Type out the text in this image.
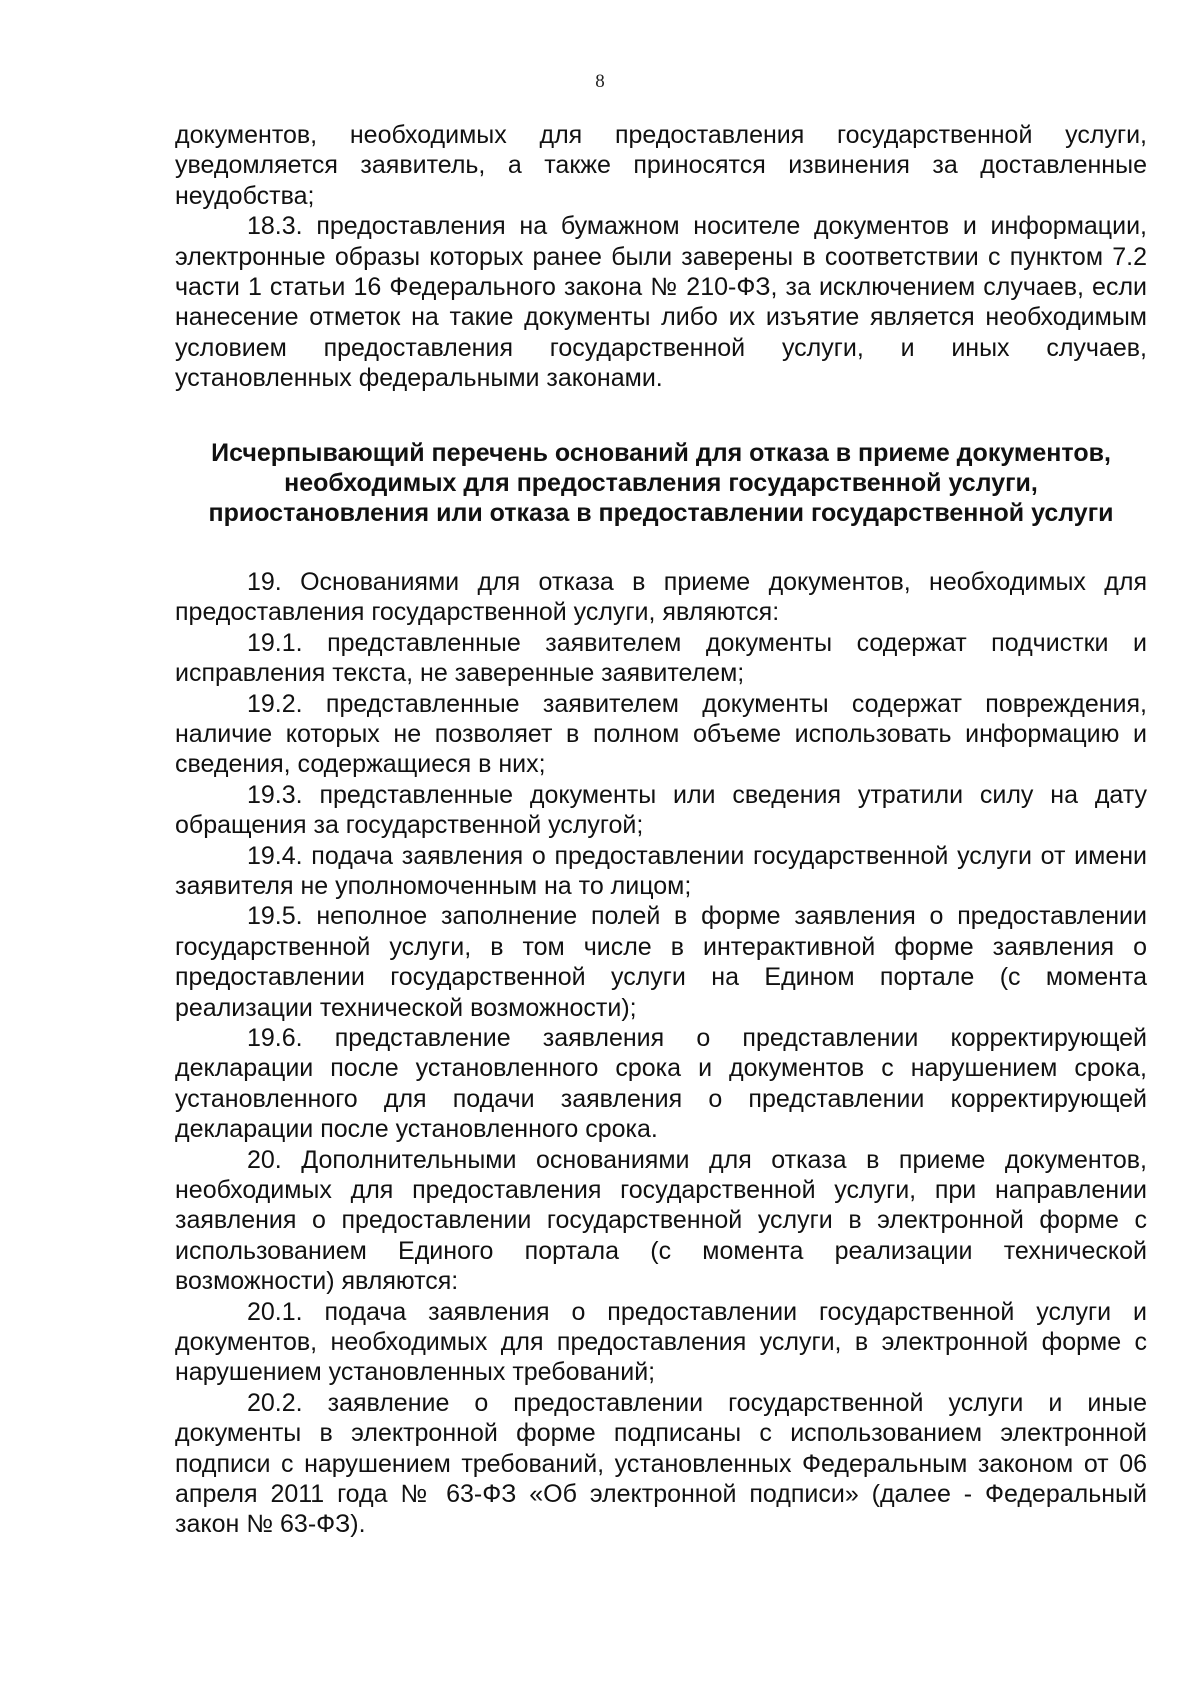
8

документов, необходимых для предоставления государственной услуги, уведомляется заявитель, а также приносятся извинения за доставленные неудобства;

18.3. предоставления на бумажном носителе документов и информации, электронные образы которых ранее были заверены в соответствии с пунктом 7.2 части 1 статьи 16 Федерального закона № 210-ФЗ, за исключением случаев, если нанесение отметок на такие документы либо их изъятие является необходимым условием предоставления государственной услуги, и иных случаев, установленных федеральными законами.

Исчерпывающий перечень оснований для отказа в приеме документов, необходимых для предоставления государственной услуги, приостановления или отказа в предоставлении государственной услуги

19. Основаниями для отказа в приеме документов, необходимых для предоставления государственной услуги, являются:

19.1. представленные заявителем документы содержат подчистки и исправления текста, не заверенные заявителем;

19.2. представленные заявителем документы содержат повреждения, наличие которых не позволяет в полном объеме использовать информацию и сведения, содержащиеся в них;

19.3. представленные документы или сведения утратили силу на дату обращения за государственной услугой;

19.4. подача заявления о предоставлении государственной услуги от имени заявителя не уполномоченным на то лицом;

19.5. неполное заполнение полей в форме заявления о предоставлении государственной услуги, в том числе в интерактивной форме заявления о предоставлении государственной услуги на Едином портале (с момента реализации технической возможности);

19.6. представление заявления о представлении корректирующей декларации после установленного срока и документов с нарушением срока, установленного для подачи заявления о представлении корректирующей декларации после установленного срока.

20. Дополнительными основаниями для отказа в приеме документов, необходимых для предоставления государственной услуги, при направлении заявления о предоставлении государственной услуги в электронной форме с использованием Единого портала (с момента реализации технической возможности) являются:

20.1. подача заявления о предоставлении государственной услуги и документов, необходимых для предоставления услуги, в электронной форме с нарушением установленных требований;

20.2. заявление о предоставлении государственной услуги и иные документы в электронной форме подписаны с использованием электронной подписи с нарушением требований, установленных Федеральным законом от 06 апреля 2011 года № 63-ФЗ «Об электронной подписи» (далее - Федеральный закон № 63-ФЗ).
